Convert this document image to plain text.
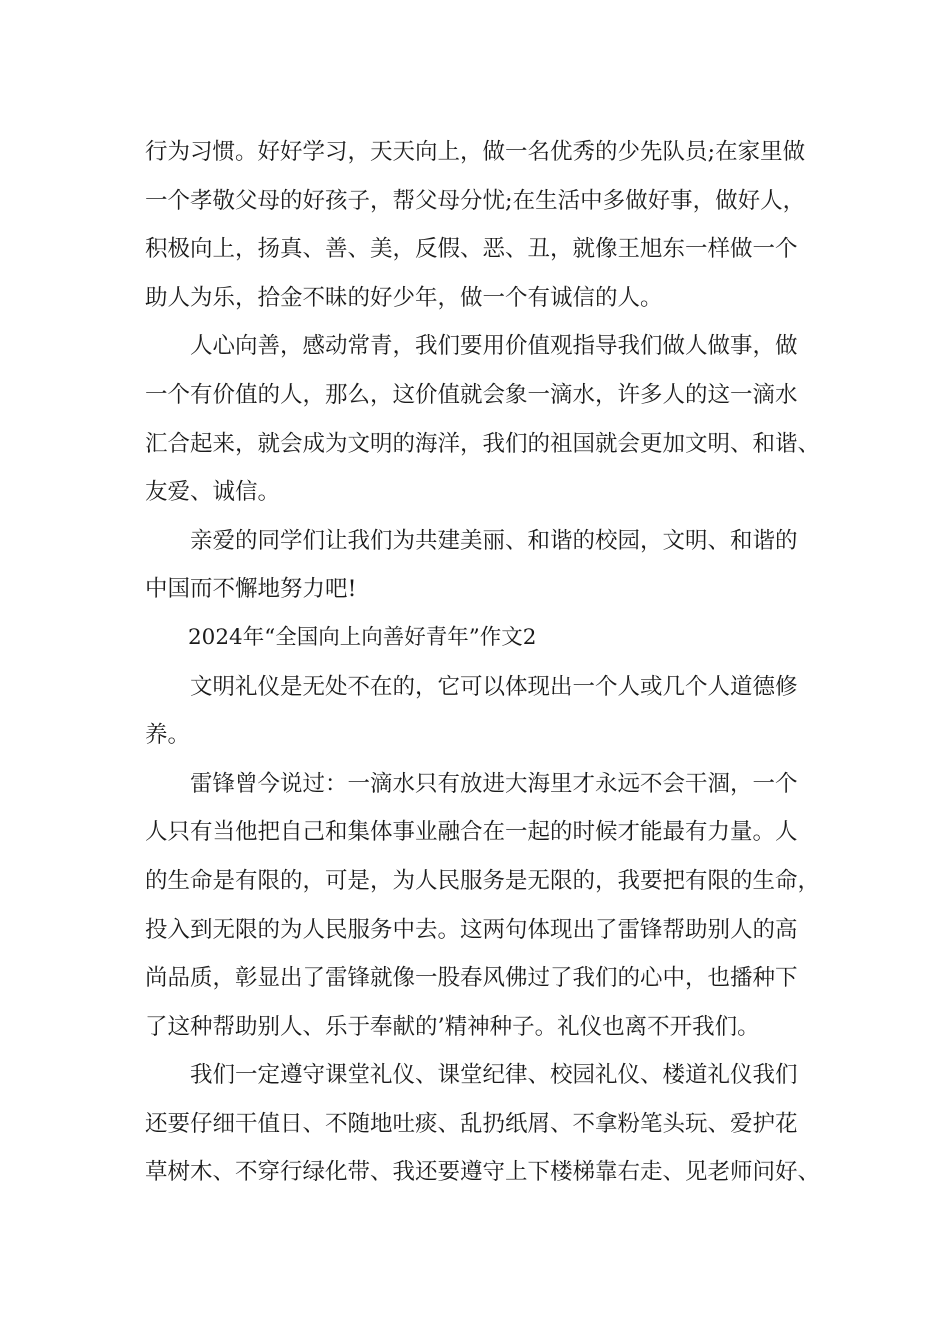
行为习惯。好好学习，天天向上，做一名优秀的少先队员;在家里做
一个孝敬父母的好孩子，帮父母分忧;在生活中多做好事，做好人，
积极向上，扬真、善、美，反假、恶、丑，就像王旭东一样做一个
助人为乐，拾金不昧的好少年，做一个有诚信的人。
人心向善，感动常青，我们要用价值观指导我们做人做事，做
一个有价值的人，那么，这价值就会象一滴水，许多人的这一滴水
汇合起来，就会成为文明的海洋，我们的祖国就会更加文明、和谐、
友爱、诚信。
亲爱的同学们让我们为共建美丽、和谐的校园，文明、和谐的
中国而不懈地努力吧!
2024年“全国向上向善好青年”作文2
文明礼仪是无处不在的，它可以体现出一个人或几个人道德修
养。
雷锋曾今说过：一滴水只有放进大海里才永远不会干涸，一个
人只有当他把自己和集体事业融合在一起的时候才能最有力量。人
的生命是有限的，可是，为人民服务是无限的，我要把有限的生命，
投入到无限的为人民服务中去。这两句体现出了雷锋帮助别人的高
尚品质，彰显出了雷锋就像一股春风佛过了我们的心中，也播种下
了这种帮助别人、乐于奉献的’精神种子。礼仪也离不开我们。
我们一定遵守课堂礼仪、课堂纪律、校园礼仪、楼道礼仪我们
还要仔细干值日、不随地吐痰、乱扔纸屑、不拿粉笔头玩、爱护花
草树木、不穿行绿化带、我还要遵守上下楼梯靠右走、见老师问好、
